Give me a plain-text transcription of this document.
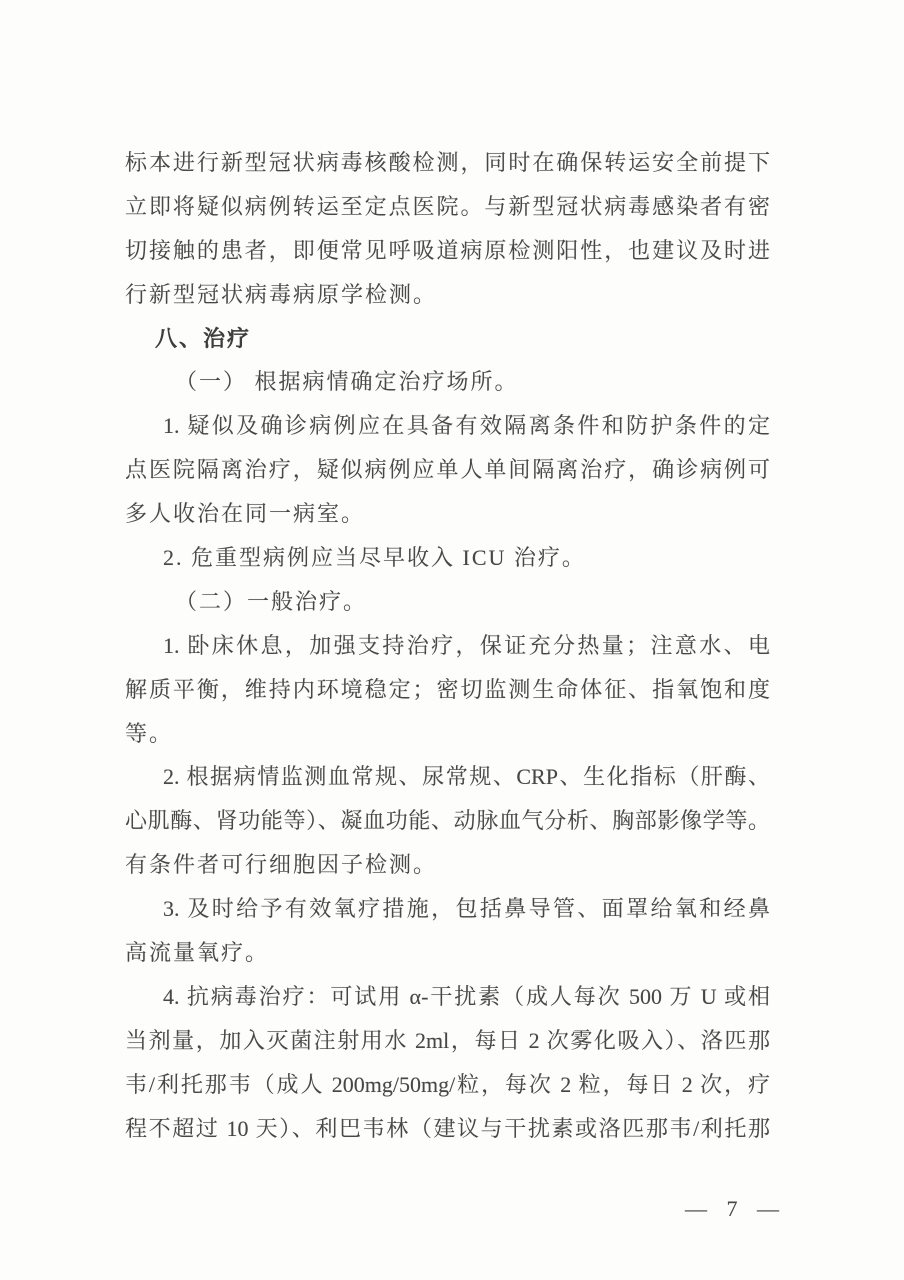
标本进行新型冠状病毒核酸检测，同时在确保转运安全前提下
立即将疑似病例转运至定点医院。与新型冠状病毒感染者有密
切接触的患者，即便常见呼吸道病原检测阳性，也建议及时进
行新型冠状病毒病原学检测。
八、治疗
（一） 根据病情确定治疗场所。
1. 疑似及确诊病例应在具备有效隔离条件和防护条件的定
点医院隔离治疗，疑似病例应单人单间隔离治疗，确诊病例可
多人收治在同一病室。
2. 危重型病例应当尽早收入 ICU 治疗。
（二）一般治疗。
1. 卧床休息，加强支持治疗，保证充分热量；注意水、电
解质平衡，维持内环境稳定；密切监测生命体征、指氧饱和度
等。
2. 根据病情监测血常规、尿常规、CRP、生化指标（肝酶、
心肌酶、肾功能等）、凝血功能、动脉血气分析、胸部影像学等。
有条件者可行细胞因子检测。
3. 及时给予有效氧疗措施，包括鼻导管、面罩给氧和经鼻
高流量氧疗。
4. 抗病毒治疗：可试用 α-干扰素（成人每次 500 万 U 或相
当剂量，加入灭菌注射用水 2ml，每日 2 次雾化吸入）、洛匹那
韦/利托那韦（成人 200mg/50mg/粒，每次 2 粒，每日 2 次，疗
程不超过 10 天）、利巴韦林（建议与干扰素或洛匹那韦/利托那
— 7 —
